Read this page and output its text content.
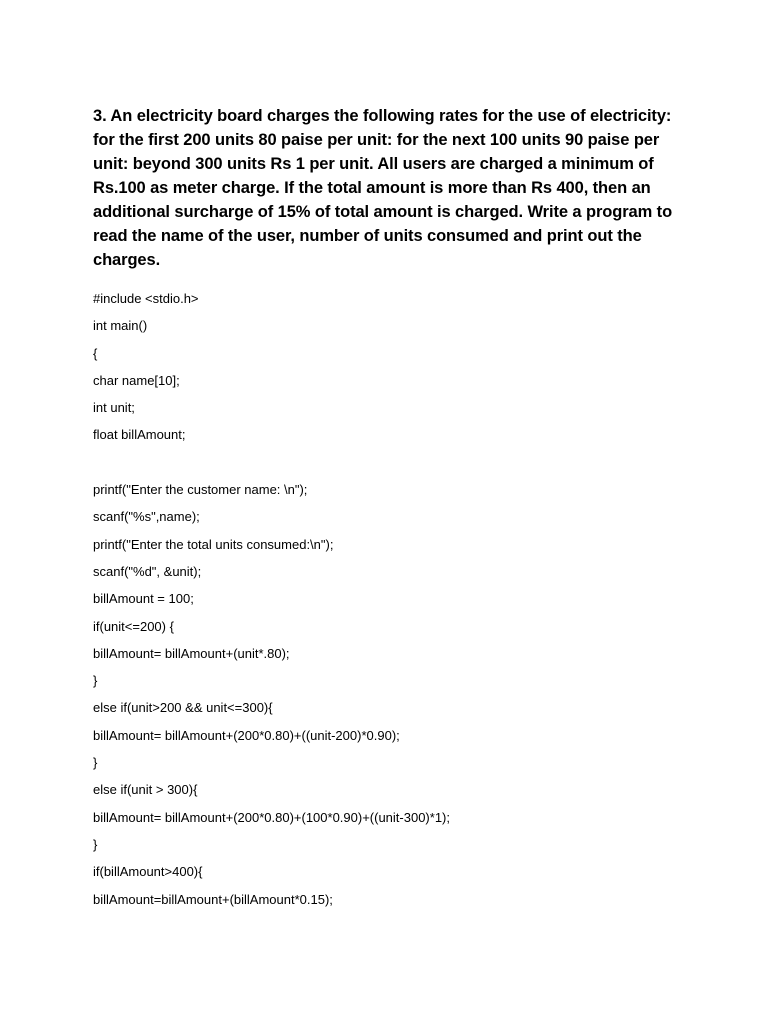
3. An electricity board charges the following rates for the use of electricity: for the first 200 units 80 paise per unit: for the next 100 units 90 paise per unit: beyond 300 units Rs 1 per unit. All users are charged a minimum of Rs.100 as meter charge. If the total amount is more than Rs 400, then an additional surcharge of 15% of total amount is charged. Write a program to read the name of the user, number of units consumed and print out the charges.

#include <stdio.h>
int main()
{
char name[10];
int unit;
float billAmount;
printf("Enter the customer name: \n");
scanf("%s",name);
printf("Enter the total units consumed:\n");
scanf("%d", &unit);
billAmount = 100;
if(unit<=200) {
billAmount= billAmount+(unit*.80);
}
else if(unit>200 && unit<=300){
billAmount= billAmount+(200*0.80)+((unit-200)*0.90);
}
else if(unit > 300){
billAmount= billAmount+(200*0.80)+(100*0.90)+((unit-300)*1);
}
if(billAmount>400){
billAmount=billAmount+(billAmount*0.15);
